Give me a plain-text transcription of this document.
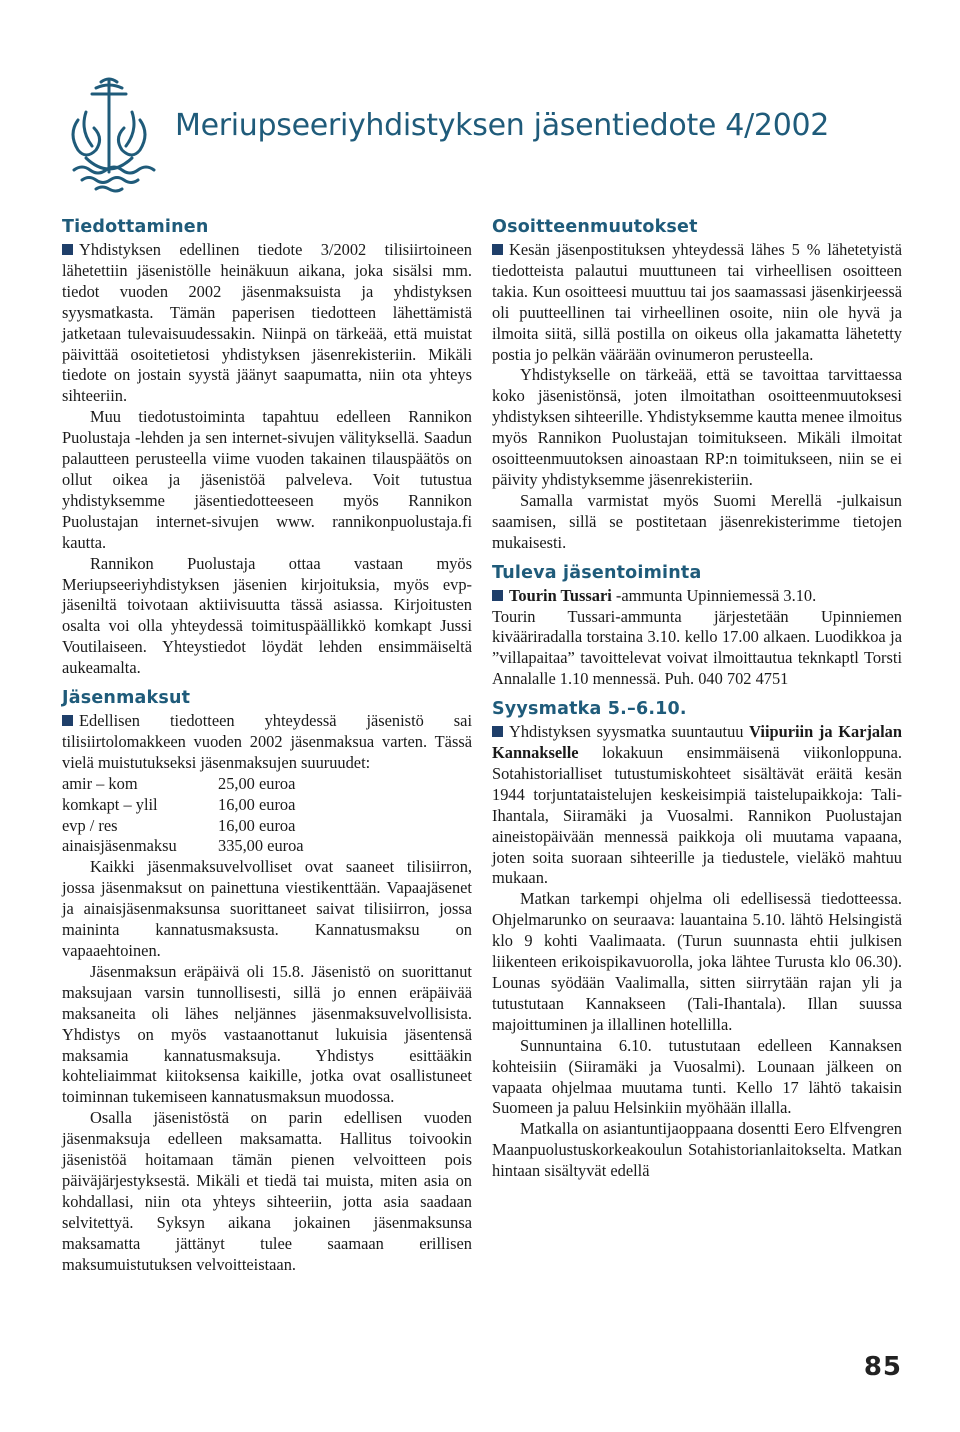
Meriupseeriyhdistyksen jäsentiedote 4/2002
Tiedottaminen

Yhdistyksen edellinen tiedote 3/2002 tilisiirtoineen lähetettiin jäsenistölle heinäkuun aikana, joka sisälsi mm. tiedot vuoden 2002 jäsenmaksuista ja yhdistyksen syysmatkasta. Tämän paperisen tiedotteen lähettämistä jatketaan tulevaisuudessakin. Niinpä on tärkeää, että muistat päivittää osoitetietosi yhdistyksen jäsenrekisteriin. Mikäli tiedote on jostain syystä jäänyt saapumatta, niin ota yhteys sihteeriin.

Muu tiedotustoiminta tapahtuu edelleen Rannikon Puolustaja -lehden ja sen internet-sivujen välityksellä. Saadun palautteen perusteella viime vuoden takainen tilauspäätös on ollut oikea ja jäsenistöä palveleva. Voit tutustua yhdistyksemme jäsentiedotteeseen myös Rannikon Puolustajan internet-sivujen www. rannikonpuolustaja.fi kautta.

Rannikon Puolustaja ottaa vastaan myös Meriupseeriyhdistyksen jäsenien kirjoituksia, myös evp-jäseniltä toivotaan aktiivisuutta tässä asiassa. Kirjoitusten osalta voi olla yhteydessä toimituspäällikkö komkapt Jussi Voutilaiseen. Yhteystiedot löydät lehden ensimmäiseltä aukeamalta.

Jäsenmaksut

Edellisen tiedotteen yhteydessä jäsenistö sai tilisiirtolomakkeen vuoden 2002 jäsenmaksua varten. Tässä vielä muistutukseksi jäsenmaksujen suuruudet:

amir – kom	25,00 euroa
komkapt – ylil	16,00 euroa
evp / res	16,00 euroa
ainaisjäsenmaksu	335,00 euroa

Kaikki jäsenmaksuvelvolliset ovat saaneet tilisiirron, jossa jäsenmaksut on painettuna viestikenttään. Vapaajäsenet ja ainaisjäsenmaksunsa suorittaneet saivat tilisiirron, jossa maininta kannatusmaksusta. Kannatusmaksu on vapaaehtoinen.

Jäsenmaksun eräpäivä oli 15.8. Jäsenistö on suorittanut maksujaan varsin tunnollisesti, sillä jo ennen eräpäivää maksaneita oli lähes neljännes jäsenmaksuvelvollisista. Yhdistys on myös vastaanottanut lukuisia jäsentensä maksamia kannatusmaksuja. Yhdistys esittääkin kohteliaimmat kiitoksensa kaikille, jotka ovat osallistuneet toiminnan tukemiseen kannatusmaksun muodossa.

Osalla jäsenistöstä on parin edellisen vuoden jäsenmaksuja edelleen maksamatta. Hallitus toivookin jäsenistöä hoitamaan tämän pienen velvoitteen pois päiväjärjestyksestä. Mikäli et tiedä tai muista, miten asia on kohdallasi, niin ota yhteys sihteeriin, jotta asia saadaan selvitettyä. Syksyn aikana jokainen jäsenmaksunsa maksamatta jättänyt tulee saamaan erillisen maksumuistutuksen velvoitteistaan.

Osoitteenmuutokset

Kesän jäsenpostituksen yhteydessä lähes 5 % lähetetyistä tiedotteista palautui muuttuneen tai virheellisen osoitteen takia. Kun osoitteesi muuttuu tai jos saamassasi jäsenkirjeessä oli puutteellinen tai virheellinen osoite, niin ole hyvä ja ilmoita siitä, sillä postilla on oikeus olla jakamatta lähetetty postia jo pelkän väärään ovinumeron perusteella.

Yhdistykselle on tärkeää, että se tavoittaa tarvittaessa koko jäsenistönsä, joten ilmoitathan osoitteenmuutoksesi yhdistyksen sihteerille. Yhdistyksemme kautta menee ilmoitus myös Rannikon Puolustajan toimitukseen. Mikäli ilmoitat osoitteenmuutoksen ainoastaan RP:n toimitukseen, niin se ei päivity yhdistyksemme jäsenrekisteriin.

Samalla varmistat myös Suomi Merellä -julkaisun saamisen, sillä se postitetaan jäsenrekisterimme tietojen mukaisesti.

Tuleva jäsentoiminta

Tourin Tussari -ammunta Upinniemessä 3.10.

Tourin Tussari-ammunta järjestetään Upinniemen kivääriradalla torstaina 3.10. kello 17.00 alkaen. Luodikkoa ja ”villapaitaa” tavoittelevat voivat ilmoittautua teknkaptl Torsti Annalalle 1.10 mennessä. Puh. 040 702 4751

Syysmatka 5.–6.10.

Yhdistyksen syysmatka suuntautuu Viipuriin ja Karjalan Kannakselle lokakuun ensimmäisenä viikonloppuna. Sotahistorialliset tutustumiskohteet sisältävät eräitä kesän 1944 torjuntataistelujen keskeisimpiä taistelupaikkoja: Tali-Ihantala, Siiramäki ja Vuosalmi. Rannikon Puolustajan aineistopäivään mennessä paikkoja oli muutama vapaana, joten soita suoraan sihteerille ja tiedustele, vieläkö mahtuu mukaan.

Matkan tarkempi ohjelma oli edellisessä tiedotteessa. Ohjelmarunko on seuraava: lauantaina 5.10. lähtö Helsingistä klo 9 kohti Vaalimaata. (Turun suunnasta ehtii julkisen liikenteen erikoispikavuorolla, joka lähtee Turusta klo 06.30). Lounas syödään Vaalimalla, sitten siirrytään rajan yli ja tutustutaan Kannakseen (Tali-Ihantala). Illan suussa majoittuminen ja illallinen hotellilla.

Sunnuntaina 6.10. tutustutaan edelleen Kannaksen kohteisiin (Siiramäki ja Vuosalmi). Lounaan jälkeen on vapaata ohjelmaa muutama tunti. Kello 17 lähtö takaisin Suomeen ja paluu Helsinkiin myöhään illalla.

Matkalla on asiantuntijaoppaana dosentti Eero Elfvengren Maanpuolustuskorkeakoulun Sotahistorianlaitokselta. Matkan hintaan sisältyvät edellä

85
